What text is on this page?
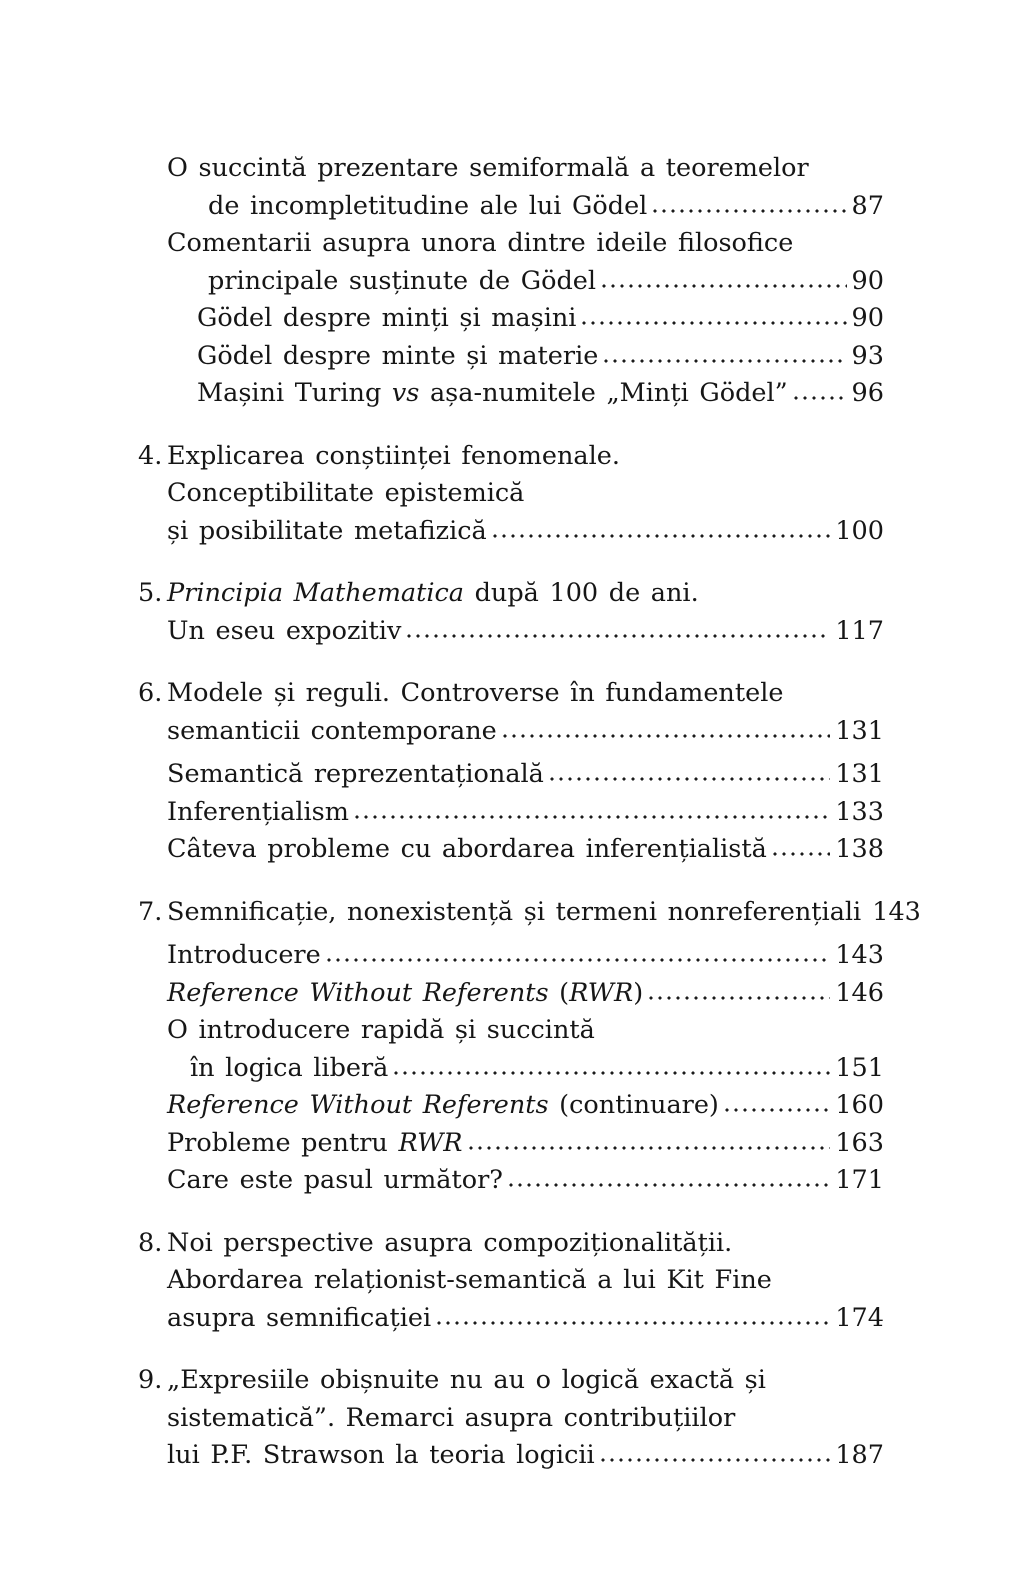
O succintă prezentare semiformală a teoremelor
de incompletitudine ale lui Gödel	87
Comentarii asupra unora dintre ideile filosofice
principale susținute de Gödel	90
Gödel despre minți și mașini	90
Gödel despre minte și materie	93
Mașini Turing vs așa-numitele „Minți Gödel”	96
4. Explicarea conștiinței fenomenale.
Conceptibilitate epistemică
și posibilitate metafizică	100
5. Principia Mathematica după 100 de ani.
Un eseu expozitiv	117
6. Modele și reguli. Controverse în fundamentele
semanticii contemporane	131
Semantică reprezentațională	131
Inferențialism	133
Câteva probleme cu abordarea inferențialistă	138
7. Semnificație, nonexistență și termeni nonreferențiali 143
Introducere	143
Reference Without Referents (RWR)	146
O introducere rapidă și succintă
în logica liberă	151
Reference Without Referents (continuare)	160
Probleme pentru RWR	163
Care este pasul următor?	171
8. Noi perspective asupra compoziționalității.
Abordarea relaționist-semantică a lui Kit Fine
asupra semnificației	174
9. „Expresiile obișnuite nu au o logică exactă și
sistematică”. Remarci asupra contribuțiilor
lui P.F. Strawson la teoria logicii	187
